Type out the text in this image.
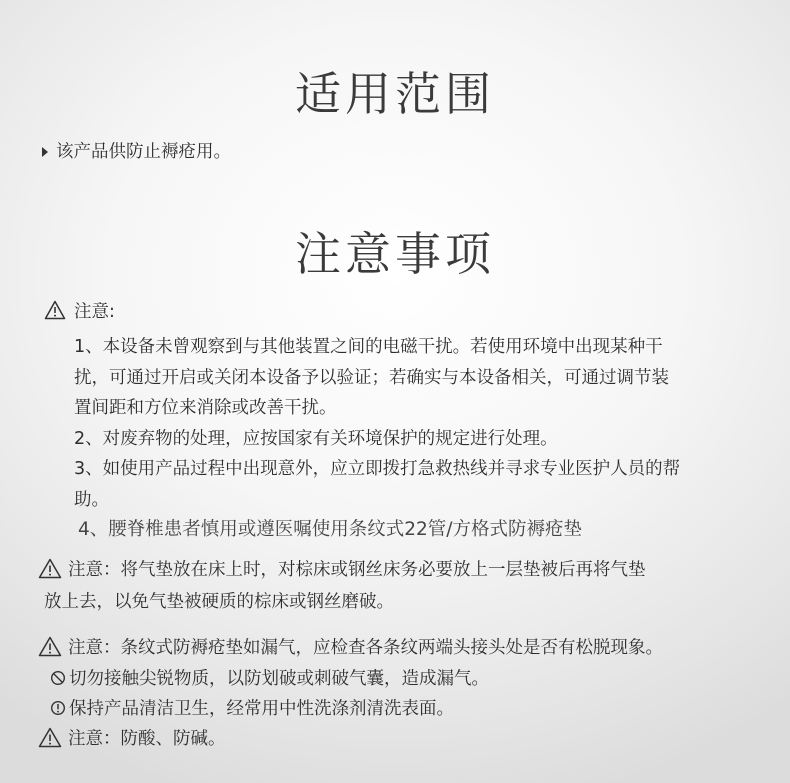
适用范围
该产品供防止褥疮用。
注意事项
注意:
1、本设备未曾观察到与其他装置之间的电磁干扰。若使用环境中出现某种干
扰，可通过开启或关闭本设备予以验证；若确实与本设备相关，可通过调节装
置间距和方位来消除或改善干扰。
2、对废弃物的处理，应按国家有关环境保护的规定进行处理。
3、如使用产品过程中出现意外，应立即拨打急救热线并寻求专业医护人员的帮
助。
4、腰脊椎患者慎用或遵医嘱使用条纹式22管/方格式防褥疮垫
注意：将气垫放在床上时，对棕床或钢丝床务必要放上一层垫被后再将气垫
放上去，以免气垫被硬质的棕床或钢丝磨破。
注意：条纹式防褥疮垫如漏气，应检查各条纹两端头接头处是否有松脱现象。
切勿接触尖锐物质，以防划破或刺破气囊，造成漏气。
保持产品清洁卫生，经常用中性洗涤剂清洗表面。
注意：防酸、防碱。
